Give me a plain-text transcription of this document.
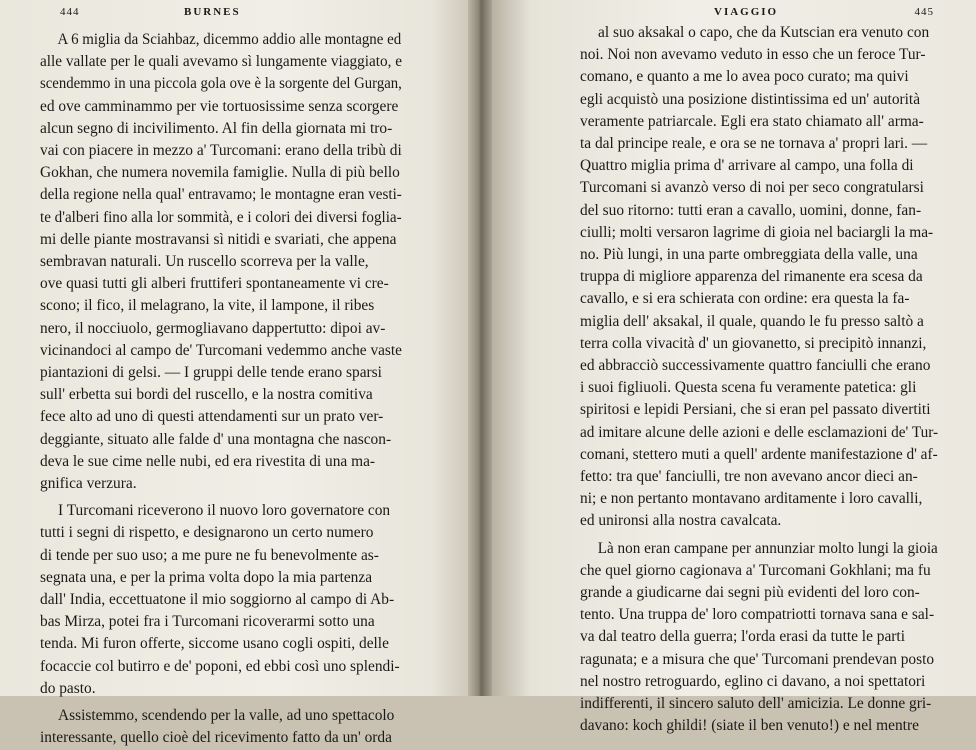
444	BURNES
A 6 miglia da Sciahbaz, dicemmo addio alle montagne ed
alle vallate per le quali avevamo sì lungamente viaggiato, e
scendemmo in una piccola gola ove è la sorgente del Gurgan,
ed ove camminammo per vie tortuosissime senza scorgere
alcun segno di incivilimento. Al fin della giornata mi tro-
vai con piacere in mezzo a' Turcomani: erano della tribù di
Gokhan, che numera novemila famiglie. Nulla di più bello
della regione nella qual' entravamo; le montagne eran vesti-
te d'alberi fino alla lor sommità, e i colori dei diversi foglia-
mi delle piante mostravansi sì nitidi e svariati, che appena
sembravan naturali. Un ruscello scorreva per la valle,
ove quasi tutti gli alberi fruttiferi spontaneamente vi cre-
scono; il fico, il melagrano, la vite, il lampone, il ribes
nero, il nocciuolo, germogliavano dappertutto: dipoi av-
vicinandoci al campo de' Turcomani vedemmo anche vaste
piantazioni di gelsi. — I gruppi delle tende erano sparsi
sull' erbetta sui bordi del ruscello, e la nostra comitiva
fece alto ad uno di questi attendamenti sur un prato ver-
deggiante, situato alle falde d' una montagna che nascon-
deva le sue cime nelle nubi, ed era rivestita di una ma-
gnifica verzura.
I Turcomani riceverono il nuovo loro governatore con
tutti i segni di rispetto, e designarono un certo numero
di tende per suo uso; a me pure ne fu benevolmente as-
segnata una, e per la prima volta dopo la mia partenza
dall' India, eccettuatone il mio soggiorno al campo di Ab-
bas Mirza, potei fra i Turcomani ricoverarmi sotto una
tenda. Mi furon offerte, siccome usano cogli ospiti, delle
focaccie col butirro e de' poponi, ed ebbi così uno splendi-
do pasto.
Assistemmo, scendendo per la valle, ad uno spettacolo
interessante, quello cioè del ricevimento fatto da un' orda
VIAGGIO	445
al suo aksakal o capo, che da Kutscian era venuto con
noi. Noi non avevamo veduto in esso che un feroce Tur-
comano, e quanto a me lo avea poco curato; ma quivi
egli acquistò una posizione distintissima ed un' autorità
veramente patriarcale. Egli era stato chiamato all' arma-
ta dal principe reale, e ora se ne tornava a' propri lari. —
Quattro miglia prima d' arrivare al campo, una folla di
Turcomani si avanzò verso di noi per seco congratularsi
del suo ritorno: tutti eran a cavallo, uomini, donne, fan-
ciulli; molti versaron lagrime di gioia nel baciargli la ma-
no. Più lungi, in una parte ombreggiata della valle, una
truppa di migliore apparenza del rimanente era scesa da
cavallo, e si era schierata con ordine: era questa la fa-
miglia dell' aksakal, il quale, quando le fu presso saltò a
terra colla vivacità d' un giovanetto, si precipitò innanzi,
ed abbracciò successivamente quattro fanciulli che erano
i suoi figliuoli. Questa scena fu veramente patetica: gli
spiritosi e lepidi Persiani, che si eran pel passato divertiti
ad imitare alcune delle azioni e delle esclamazioni de' Tur-
comani, stettero muti a quell' ardente manifestazione d' af-
fetto: tra que' fanciulli, tre non avevano ancor dieci an-
ni; e non pertanto montavano arditamente i loro cavalli,
ed unironsi alla nostra cavalcata.
Là non eran campane per annunziar molto lungi la gioia
che quel giorno cagionava a' Turcomani Gokhlani; ma fu
grande a giudicarne dai segni più evidenti del loro con-
tento. Una truppa de' loro compatriotti tornava sana e sal-
va dal teatro della guerra; l'orda erasi da tutte le parti
ragunata; e a misura che que' Turcomani prendevan posto
nel nostro retroguardo, eglino ci davano, a noi spettatori
indifferenti, il sincero saluto dell' amicizia. Le donne gri-
davano: koch ghildi! (siate il ben venuto!) e nel mentre
